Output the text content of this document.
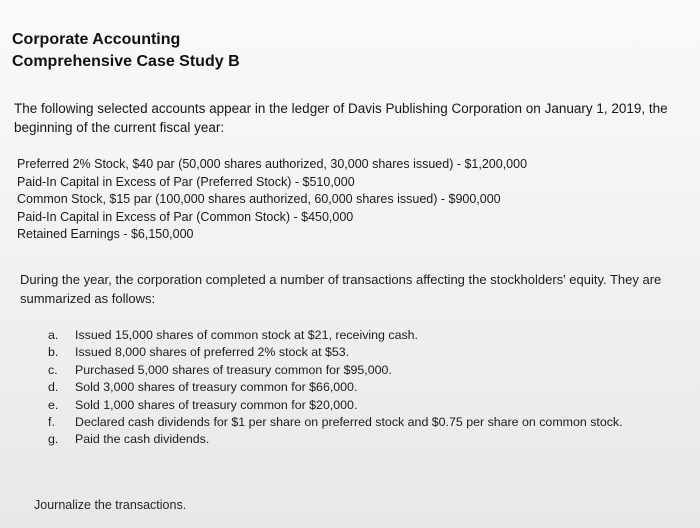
Corporate Accounting
Comprehensive Case Study B
The following selected accounts appear in the ledger of Davis Publishing Corporation on January 1, 2019, the beginning of the current fiscal year:
Preferred 2% Stock, $40 par (50,000 shares authorized, 30,000 shares issued) - $1,200,000
Paid-In Capital in Excess of Par (Preferred Stock) - $510,000
Common Stock, $15 par (100,000 shares authorized, 60,000 shares issued) - $900,000
Paid-In Capital in Excess of Par (Common Stock) - $450,000
Retained Earnings - $6,150,000
During the year, the corporation completed a number of transactions affecting the stockholders' equity. They are summarized as follows:
a.	Issued 15,000 shares of common stock at $21, receiving cash.
b.	Issued 8,000 shares of preferred 2% stock at $53.
c.	Purchased 5,000 shares of treasury common for $95,000.
d.	Sold 3,000 shares of treasury common for $66,000.
e.	Sold 1,000 shares of treasury common for $20,000.
f.	Declared cash dividends for $1 per share on preferred stock and $0.75 per share on common stock.
g.	Paid the cash dividends.
Journalize the transactions.
